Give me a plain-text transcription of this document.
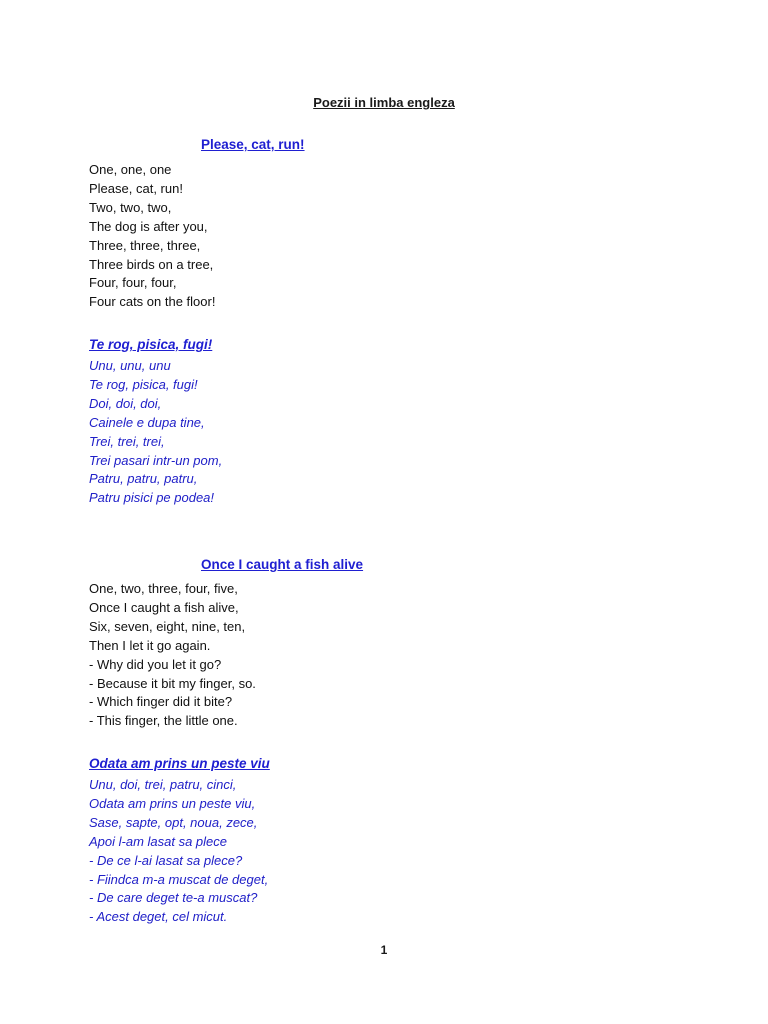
Poezii in limba engleza
Please, cat, run!
One, one, one
Please, cat, run!
Two, two, two,
The dog is after you,
Three, three, three,
Three birds on a tree,
Four, four, four,
Four cats on the floor!
Te rog, pisica, fugi!
Unu, unu, unu
Te rog, pisica, fugi!
Doi, doi, doi,
Cainele e dupa tine,
Trei, trei, trei,
Trei pasari intr-un pom,
Patru, patru, patru,
Patru pisici pe podea!
Once I caught a fish alive
One, two, three, four, five,
Once I caught a fish alive,
Six, seven, eight, nine, ten,
Then I let it go again.
- Why did you let it go?
- Because it bit my finger, so.
- Which finger did it bite?
- This finger, the little one.
Odata am prins un peste viu
Unu, doi, trei, patru, cinci,
Odata am prins un peste viu,
Sase, sapte, opt, noua, zece,
Apoi l-am lasat sa plece
- De ce l-ai lasat sa plece?
- Fiindca m-a muscat de deget,
- De care deget te-a muscat?
- Acest deget, cel micut.
1
